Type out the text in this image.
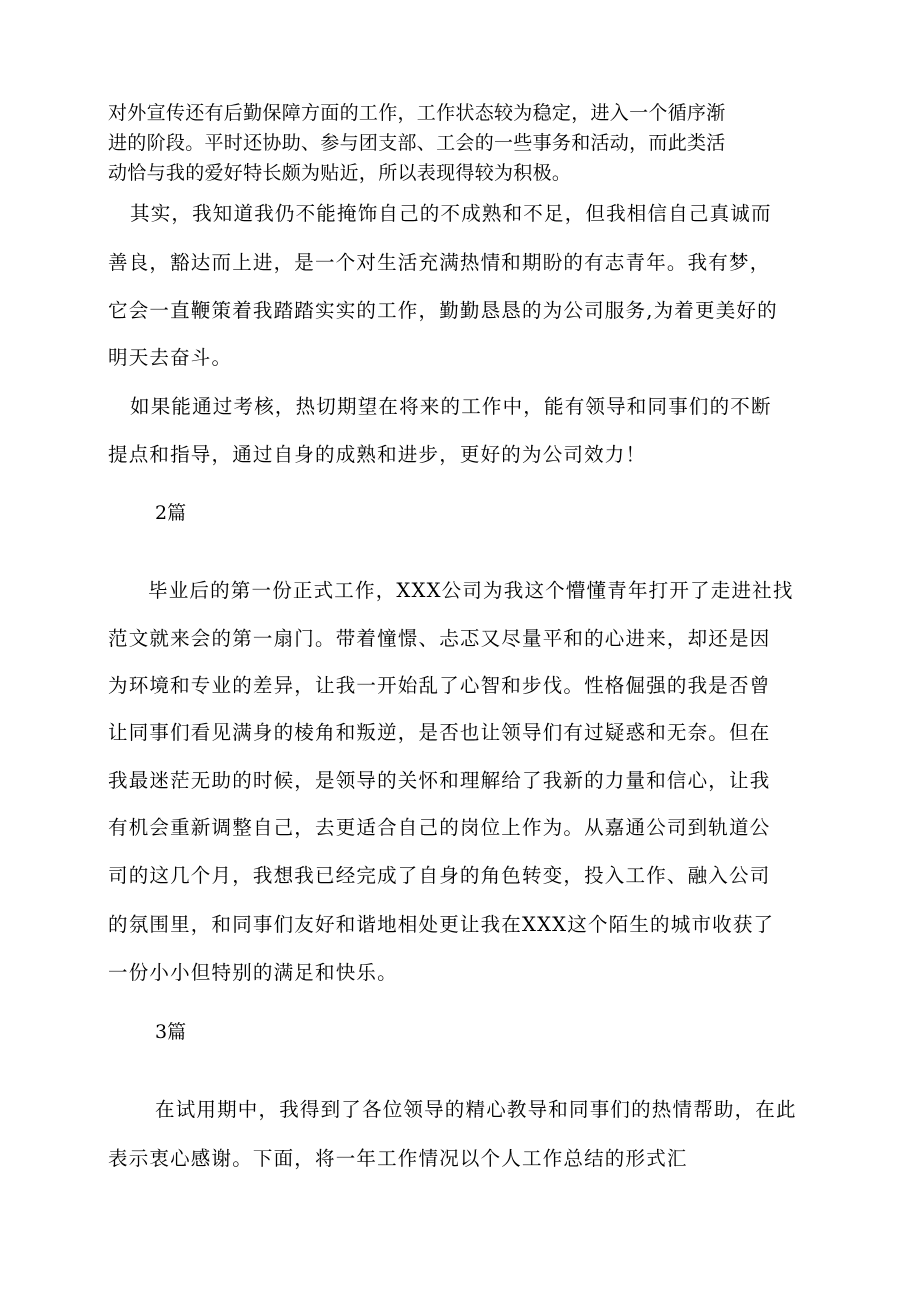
对外宣传还有后勤保障方面的工作，工作状态较为稳定，进入一个循序渐
进的阶段。平时还协助、参与团支部、工会的一些事务和活动，而此类活
动恰与我的爱好特长颇为贴近，所以表现得较为积极。
其实，我知道我仍不能掩饰自己的不成熟和不足，但我相信自己真诚而
善良，豁达而上进，是一个对生活充满热情和期盼的有志青年。我有梦，
它会一直鞭策着我踏踏实实的工作，勤勤恳恳的为公司服务,为着更美好的
明天去奋斗。
如果能通过考核，热切期望在将来的工作中，能有领导和同事们的不断
提点和指导，通过自身的成熟和进步，更好的为公司效力！
2篇
毕业后的第一份正式工作，XXX公司为我这个懵懂青年打开了走进社找
范文就来会的第一扇门。带着憧憬、忐忑又尽量平和的心进来，却还是因
为环境和专业的差异，让我一开始乱了心智和步伐。性格倔强的我是否曾
让同事们看见满身的棱角和叛逆，是否也让领导们有过疑惑和无奈。但在
我最迷茫无助的时候，是领导的关怀和理解给了我新的力量和信心，让我
有机会重新调整自己，去更适合自己的岗位上作为。从嘉通公司到轨道公
司的这几个月，我想我已经完成了自身的角色转变，投入工作、融入公司
的氛围里，和同事们友好和谐地相处更让我在XXX这个陌生的城市收获了
一份小小但特别的满足和快乐。
3篇
在试用期中，我得到了各位领导的精心教导和同事们的热情帮助，在此
表示衷心感谢。下面，将一年工作情况以个人工作总结的形式汇
